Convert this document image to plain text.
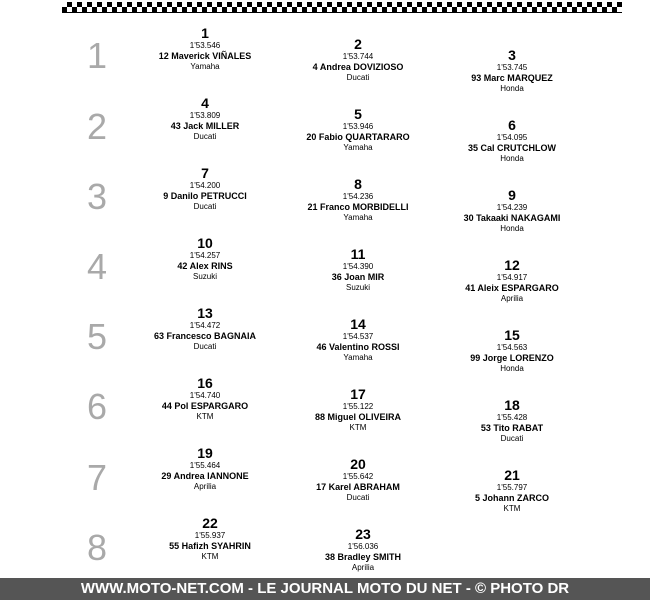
1
2
3
4
5
6
7
8
1
1'53.546
12 Maverick VIÑALES
Yamaha
2
1'53.744
4 Andrea DOVIZIOSO
Ducati
3
1'53.745
93 Marc MARQUEZ
Honda
4
1'53.809
43 Jack MILLER
Ducati
5
1'53.946
20 Fabio QUARTARARO
Yamaha
6
1'54.095
35 Cal CRUTCHLOW
Honda
7
1'54.200
9 Danilo PETRUCCI
Ducati
8
1'54.236
21 Franco MORBIDELLI
Yamaha
9
1'54.239
30 Takaaki NAKAGAMI
Honda
10
1'54.257
42 Alex RINS
Suzuki
11
1'54.390
36 Joan MIR
Suzuki
12
1'54.917
41 Aleix ESPARGARO
Aprilia
13
1'54.472
63 Francesco BAGNAIA
Ducati
14
1'54.537
46 Valentino ROSSI
Yamaha
15
1'54.563
99 Jorge LORENZO
Honda
16
1'54.740
44 Pol ESPARGARO
KTM
17
1'55.122
88 Miguel OLIVEIRA
KTM
18
1'55.428
53 Tito RABAT
Ducati
19
1'55.464
29 Andrea IANNONE
Aprilia
20
1'55.642
17 Karel ABRAHAM
Ducati
21
1'55.797
5 Johann ZARCO
KTM
22
1'55.937
55 Hafizh SYAHRIN
KTM
23
1'56.036
38 Bradley SMITH
Aprilia
WWW.MOTO-NET.COM - LE JOURNAL MOTO DU NET - © PHOTO DR
